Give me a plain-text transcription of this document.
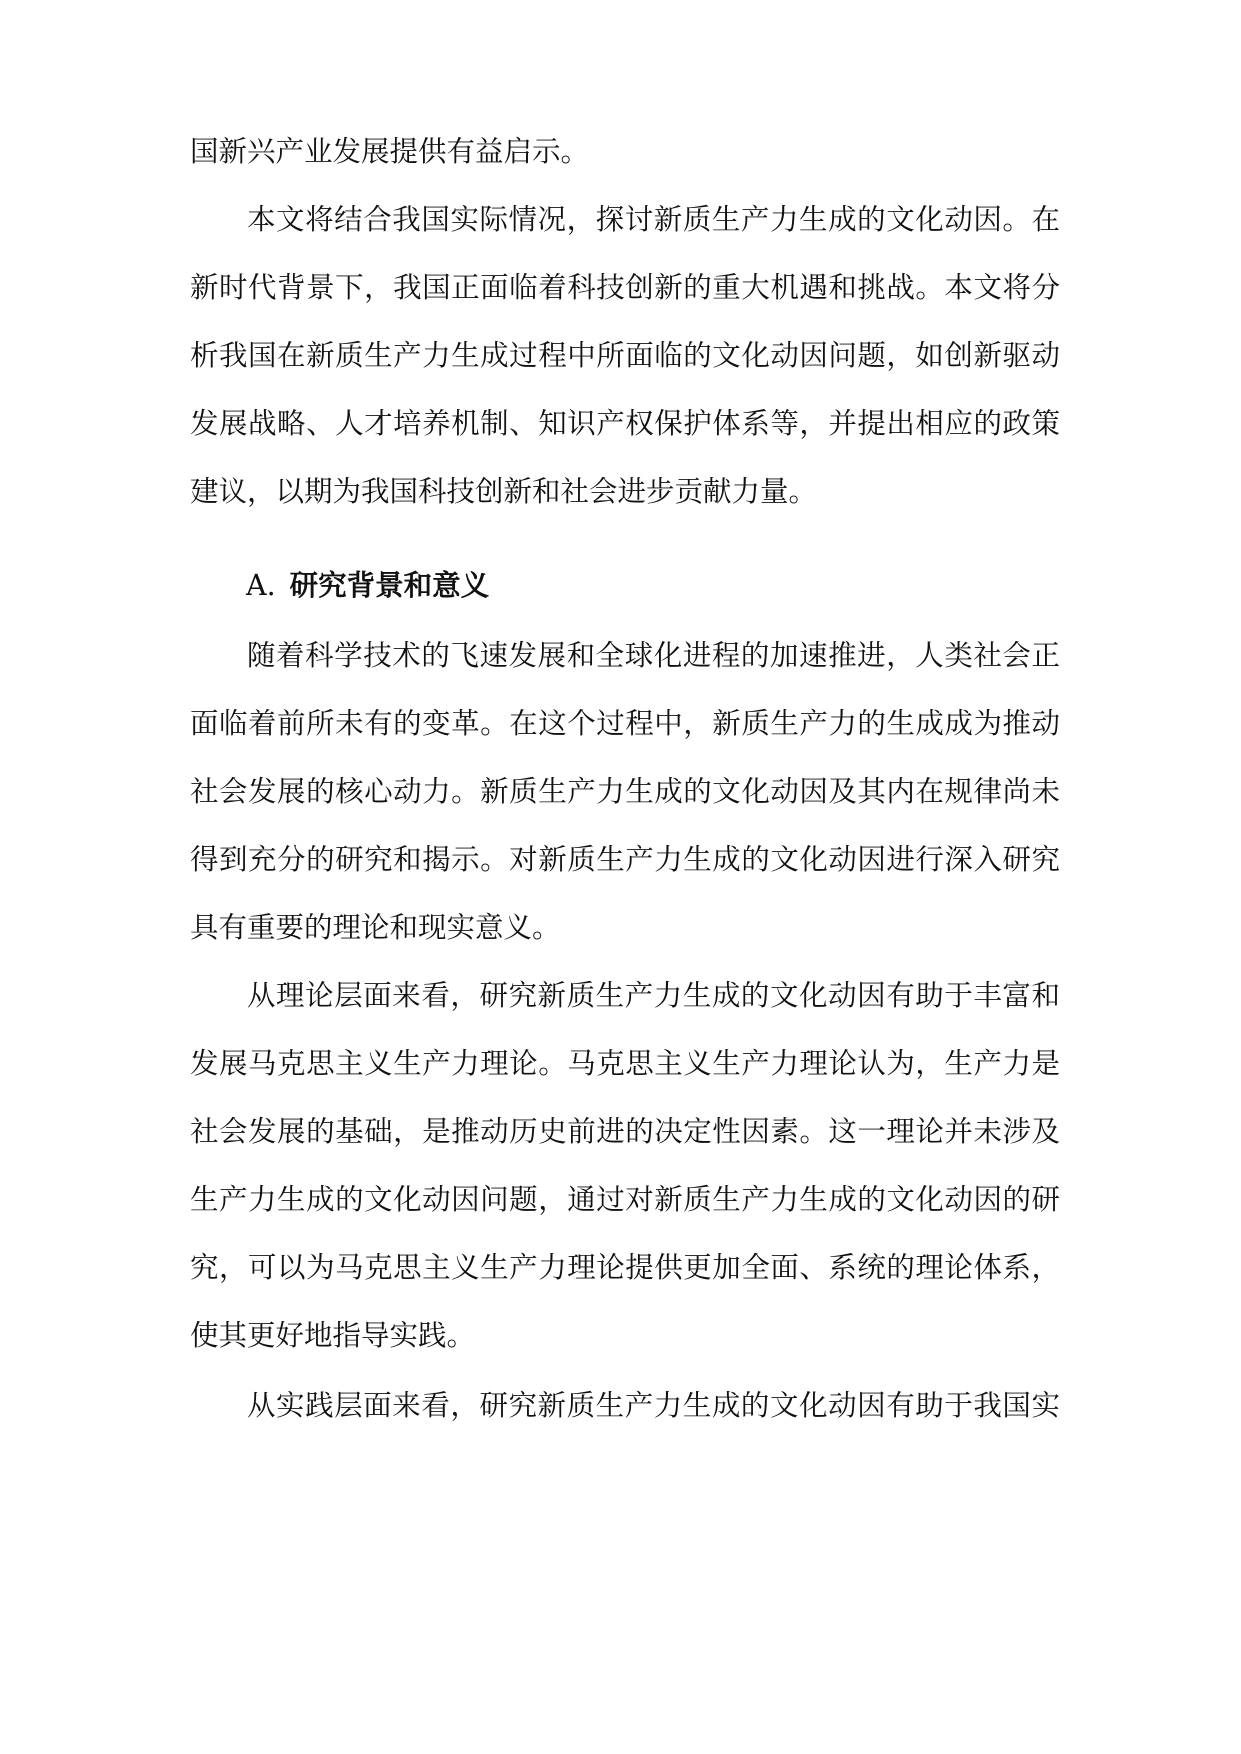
国新兴产业发展提供有益启示。
本文将结合我国实际情况，探讨新质生产力生成的文化动因。在
新时代背景下，我国正面临着科技创新的重大机遇和挑战。本文将分
析我国在新质生产力生成过程中所面临的文化动因问题，如创新驱动
发展战略、人才培养机制、知识产权保护体系等，并提出相应的政策
建议，以期为我国科技创新和社会进步贡献力量。
A. 研究背景和意义
随着科学技术的飞速发展和全球化进程的加速推进，人类社会正
面临着前所未有的变革。在这个过程中，新质生产力的生成成为推动
社会发展的核心动力。新质生产力生成的文化动因及其内在规律尚未
得到充分的研究和揭示。对新质生产力生成的文化动因进行深入研究
具有重要的理论和现实意义。
从理论层面来看，研究新质生产力生成的文化动因有助于丰富和
发展马克思主义生产力理论。马克思主义生产力理论认为，生产力是
社会发展的基础，是推动历史前进的决定性因素。这一理论并未涉及
生产力生成的文化动因问题，通过对新质生产力生成的文化动因的研
究，可以为马克思主义生产力理论提供更加全面、系统的理论体系，
使其更好地指导实践。
从实践层面来看，研究新质生产力生成的文化动因有助于我国实
